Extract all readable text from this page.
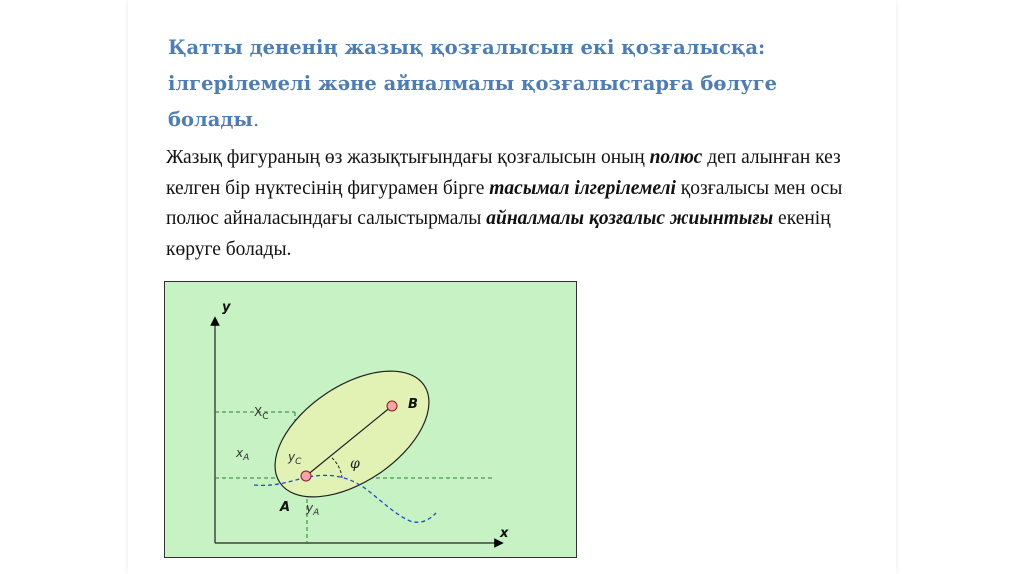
Қатты дененің жазық қозғалысын екі қозғалысқа:
ілгерілемелі және айналмалы қозғалыстарға бөлуге
болады.

Жазық фигураның өз жазықтығындағы қозғалысын оның полюс деп алынған кез келген бір нүктесінің фигурамен бірге тасымал ілгерілемелі қозғалысы мен осы полюс айналасындағы салыстырмалы айналмалы қозғалыс жиынтығы екенің көруге болады.

y
x
$X_C$
$x_A$	$y_C$
$y_A$
A
B
φ
